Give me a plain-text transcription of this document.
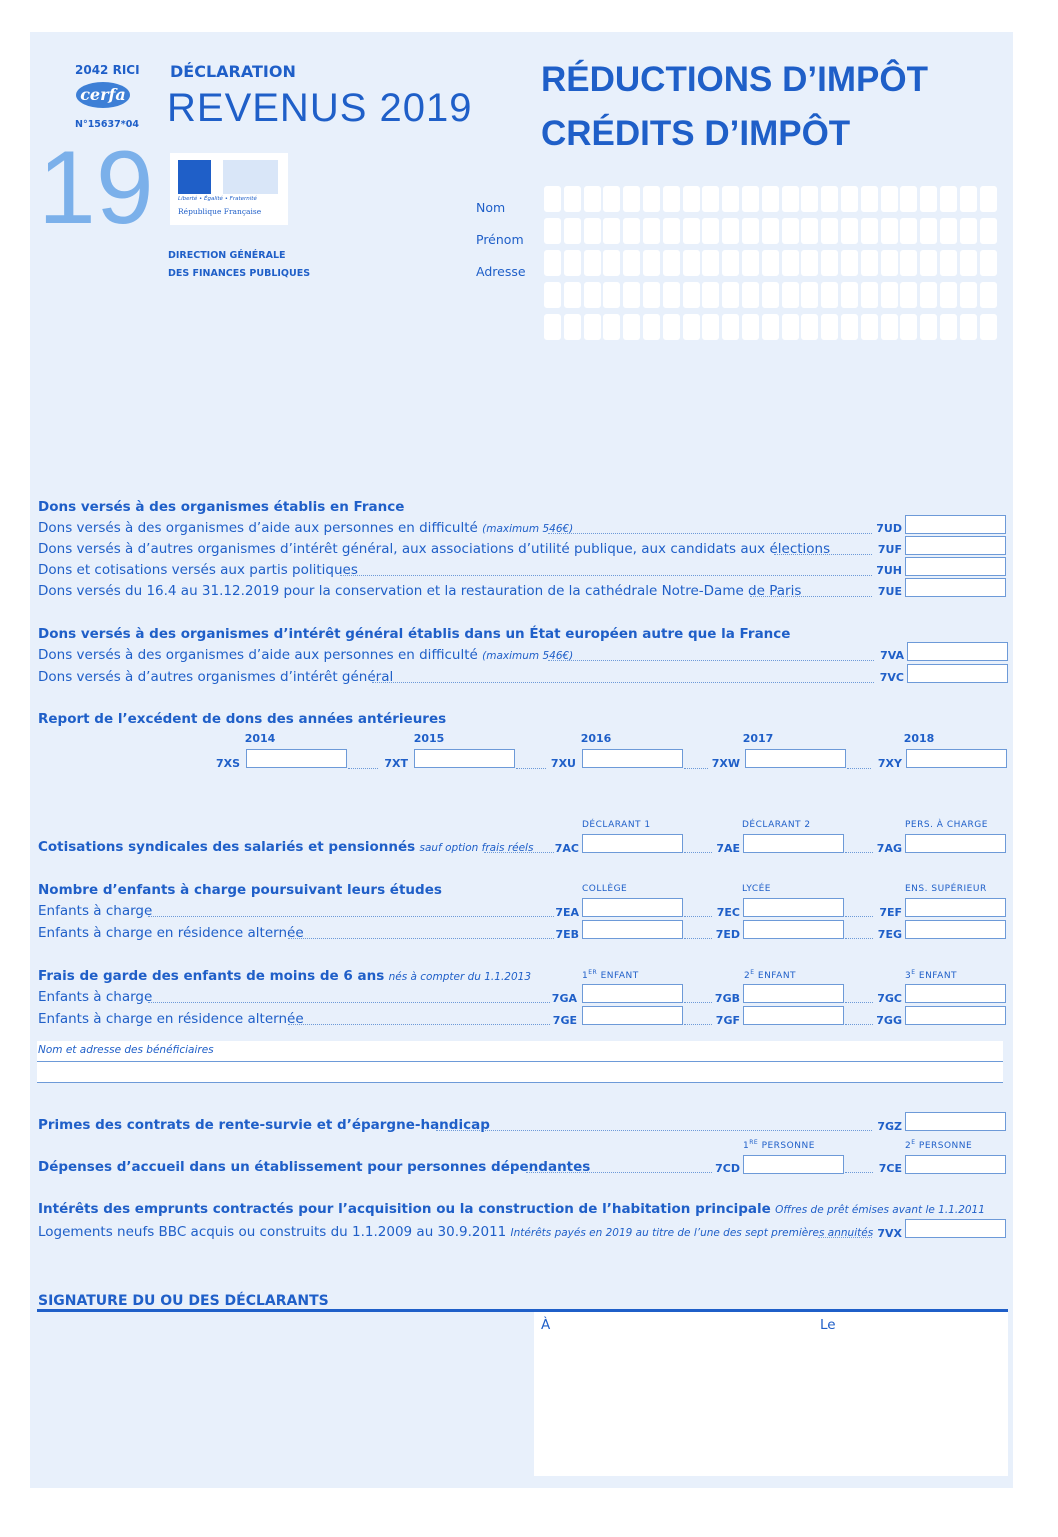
2042 RICI
cerfa
N°15637*04
19
DÉCLARATION
REVENUS 2019
Liberté • Égalité • Fraternité
République Française
DIRECTION GÉNÉRALE
DES FINANCES PUBLIQUES
RÉDUCTIONS D’IMPÔT
CRÉDITS D’IMPÔT
Nom
Prénom
Adresse
Dons versés à des organismes établis en France
Dons versés à des organismes d’aide aux personnes en difficulté (maximum 546€)	7UD
Dons versés à d’autres organismes d’intérêt général, aux associations d’utilité publique, aux candidats aux élections	7UF
Dons et cotisations versés aux partis politiques	7UH
Dons versés du 16.4 au 31.12.2019 pour la conservation et la restauration de la cathédrale Notre-Dame de Paris	7UE
Dons versés à des organismes d’intérêt général établis dans un État européen autre que la France
Dons versés à des organismes d’aide aux personnes en difficulté (maximum 546€)	7VA
Dons versés à d’autres organismes d’intérêt général	7VC
Report de l’excédent de dons des années antérieures
2014	2015	2016	2017	2018
7XS	7XT	7XU	7XW	7XY
DÉCLARANT 1	DÉCLARANT 2	PERS. À CHARGE
Cotisations syndicales des salariés et pensionnés sauf option frais réels	7AC	7AE	7AG
Nombre d’enfants à charge poursuivant leurs études	COLLÈGE	LYCÉE	ENS. SUPÉRIEUR
Enfants à charge	7EA	7EC	7EF
Enfants à charge en résidence alternée	7EB	7ED	7EG
Frais de garde des enfants de moins de 6 ans nés à compter du 1.1.2013	1ER ENFANT	$2^E$ ENFANT	$3^E$ ENFANT
Enfants à charge	7GA	7GB	7GC
Enfants à charge en résidence alternée	7GE	7GF	7GG
Nom et adresse des bénéficiaires
Primes des contrats de rente-survie et d’épargne-handicap	7GZ
1RE PERSONNE	$2^E$ PERSONNE
Dépenses d’accueil dans un établissement pour personnes dépendantes	7CD	7CE
Intérêts des emprunts contractés pour l’acquisition ou la construction de l’habitation principale Offres de prêt émises avant le 1.1.2011
Logements neufs BBC acquis ou construits du 1.1.2009 au 30.9.2011 Intérêts payés en 2019 au titre de l’une des sept premières annuités 7VX
SIGNATURE DU OU DES DÉCLARANTS
À	Le
